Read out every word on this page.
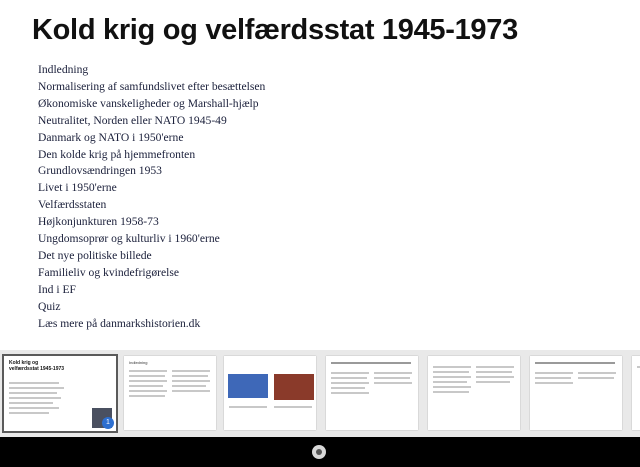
Kold krig og velfærdsstat 1945-1973
Indledning
Normalisering af samfundslivet efter besættelsen
Økonomiske vanskeligheder og Marshall-hjælp
Neutralitet, Norden eller NATO 1945-49
Danmark og NATO i 1950'erne
Den kolde krig på hjemmefronten
Grundlovsændringen 1953
Livet i 1950'erne
Velfærdsstaten
Højkonjunkturen 1958-73
Ungdomsoprør og kulturliv i 1960'erne
Det nye politiske billede
Familieliv og kvindefrigørelse
Ind i EF
Quiz
Læs mere på danmarkshistorien.dk
Kold krig og velfærdsstat 1945-1973
1
Indledning
